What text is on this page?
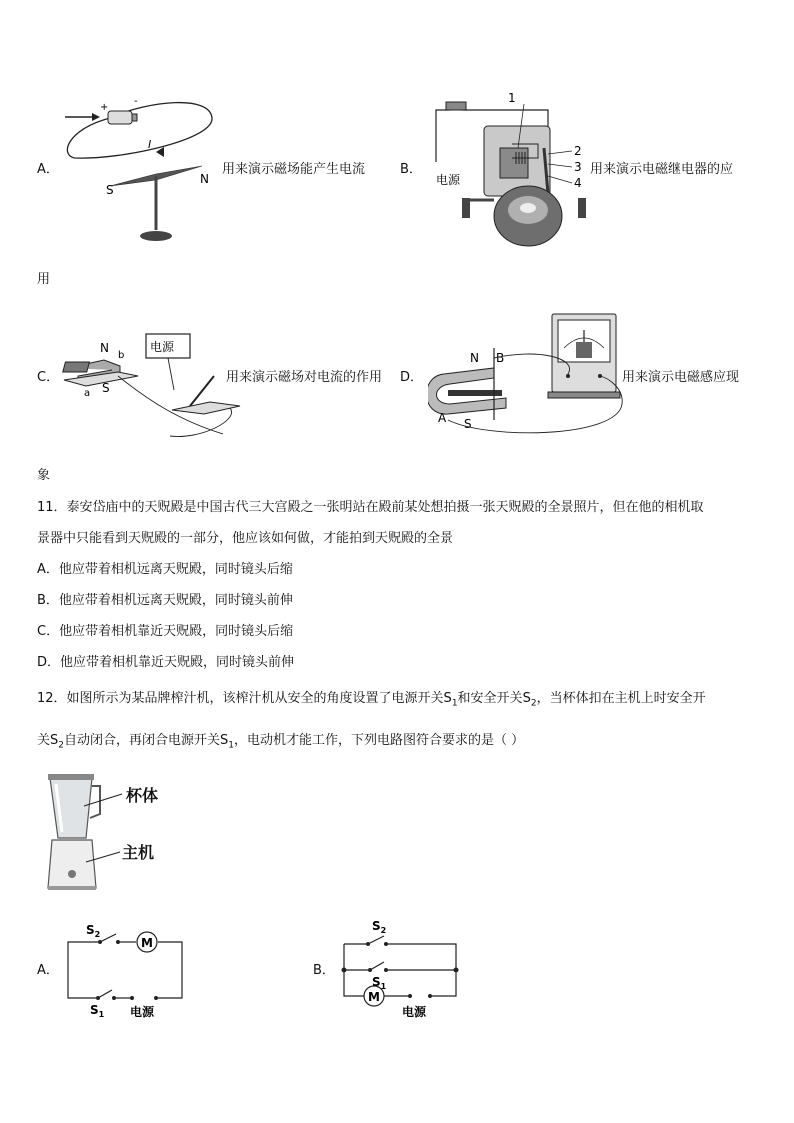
A．
+
-
I
S
N
用来演示磁场能产生电流	B．
1
2
3
4
电源
用来演示电磁继电器的应
用
C．
电源
N
S
b
a
用来演示磁场对电流的作用 D．
N
S
B
A
用来演示电磁感应现
象
11．泰安岱庙中的天贶殿是中国古代三大宫殿之一张明站在殿前某处想拍摄一张天贶殿的全景照片，但在他的相机取
景器中只能看到天贶殿的一部分，他应该如何做，才能拍到天贶殿的全景
A．他应带着相机远离天贶殿，同时镜头后缩
B．他应带着相机远离天贶殿，同时镜头前伸
C．他应带着相机靠近天贶殿，同时镜头后缩
D．他应带着相机靠近天贶殿，同时镜头前伸
12．如图所示为某品牌榨汁机，该榨汁机从安全的角度设置了电源开关$S_1$和安全开关$S_2$，当杯体扣在主机上时安全开
关$S_2$自动闭合，再闭合电源开关$S_1$，电动机才能工作，下列电路图符合要求的是（ ）
杯体
主机
A．
M
$S_2$
$S_1$ 电源
B．
M
$S_2$
$S_1$
电源
